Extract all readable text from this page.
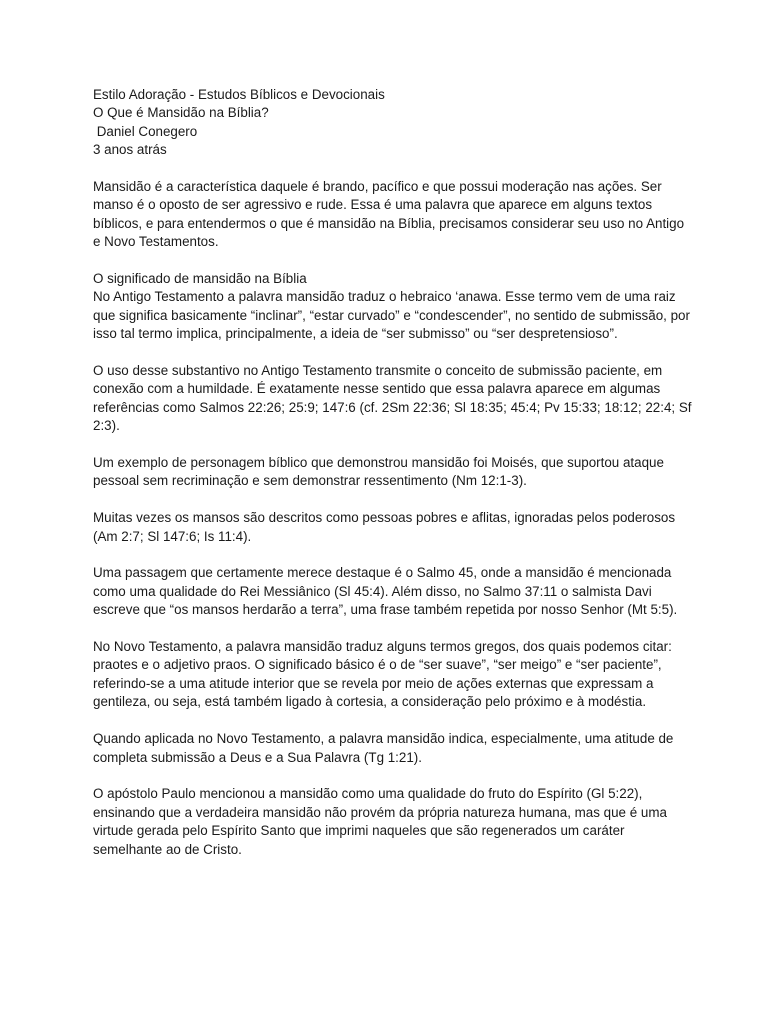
Estilo Adoração - Estudos Bíblicos e Devocionais
O Que é Mansidão na Bíblia?
Daniel Conegero
3 anos atrás

Mansidão é a característica daquele é brando, pacífico e que possui moderação nas ações. Ser manso é o oposto de ser agressivo e rude. Essa é uma palavra que aparece em alguns textos bíblicos, e para entendermos o que é mansidão na Bíblia, precisamos considerar seu uso no Antigo e Novo Testamentos.

O significado de mansidão na Bíblia
No Antigo Testamento a palavra mansidão traduz o hebraico ‘anawa. Esse termo vem de uma raiz que significa basicamente “inclinar”, “estar curvado” e “condescender”, no sentido de submissão, por isso tal termo implica, principalmente, a ideia de “ser submisso” ou “ser despretensioso”.

O uso desse substantivo no Antigo Testamento transmite o conceito de submissão paciente, em conexão com a humildade. É exatamente nesse sentido que essa palavra aparece em algumas referências como Salmos 22:26; 25:9; 147:6 (cf. 2Sm 22:36; Sl 18:35; 45:4; Pv 15:33; 18:12; 22:4; Sf 2:3).

Um exemplo de personagem bíblico que demonstrou mansidão foi Moisés, que suportou ataque pessoal sem recriminação e sem demonstrar ressentimento (Nm 12:1-3).

Muitas vezes os mansos são descritos como pessoas pobres e aflitas, ignoradas pelos poderosos (Am 2:7; Sl 147:6; Is 11:4).

Uma passagem que certamente merece destaque é o Salmo 45, onde a mansidão é mencionada como uma qualidade do Rei Messiânico (Sl 45:4). Além disso, no Salmo 37:11 o salmista Davi escreve que “os mansos herdarão a terra”, uma frase também repetida por nosso Senhor (Mt 5:5).

No Novo Testamento, a palavra mansidão traduz alguns termos gregos, dos quais podemos citar: praotes e o adjetivo praos. O significado básico é o de “ser suave”, “ser meigo” e “ser paciente”, referindo-se a uma atitude interior que se revela por meio de ações externas que expressam a gentileza, ou seja, está também ligado à cortesia, a consideração pelo próximo e à modéstia.

Quando aplicada no Novo Testamento, a palavra mansidão indica, especialmente, uma atitude de completa submissão a Deus e a Sua Palavra (Tg 1:21).

O apóstolo Paulo mencionou a mansidão como uma qualidade do fruto do Espírito (Gl 5:22), ensinando que a verdadeira mansidão não provém da própria natureza humana, mas que é uma virtude gerada pelo Espírito Santo que imprimi naqueles que são regenerados um caráter semelhante ao de Cristo.
